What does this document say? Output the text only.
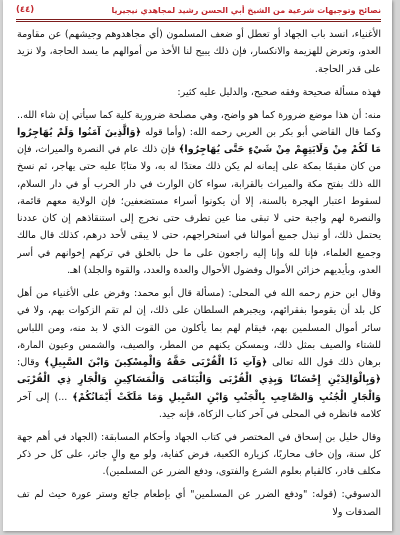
نصائح وتوجيهات شرعية من الشيخ أبي الحسن رشيد لمجاهدي نيجيريا
(٤٤)

الأغنياء، انسد باب الجهاد أو تعطل أو ضعف المسلمون (أي مجاهدوهم وجيشهم) عن مقاومة العدو، وتعرض للهزيمة والانكسار، فإن ذلك يبيح لنا الأخذ من أموالهم ما يسد الحاجة، ولا نزيد على قدر الحاجة.

فهذه مسألة صحيحة وفقه صحيح، والدليل عليه كثير:

منه: أن هذا موضع ضرورة كما هو واضح، وهي مصلحة ضرورية كلية كما سيأتي إن شاء الله.. وكما قال القاضي أبو بكر بن العربي رحمه الله: (وأما قوله ﴿وَالَّذِينَ آمَنُوا وَلَمْ يُهَاجِرُوا مَا لَكُمْ مِنْ وَلَايَتِهِمْ مِنْ شَيْءٍ حَتَّى يُهَاجِرُوا﴾ فإن ذلك عام في النصرة والميراث، فإن من كان مقيمًا بمكة على إيمانه لم يكن ذلك معتدًا له به، ولا متابًا عليه حتى يهاجر، ثم نسخ الله ذلك بفتح مكة والميراث بالقرابة، سواء كان الوارث في دار الحرب أو في دار السلام، لسقوط اعتبار الهجرة بالسنة، إلا أن يكونوا أسراء مستضعفين؛ فإن الولاية معهم قائمة، والنصرة لهم واجبة حتى لا تبقى منا عين تطرف حتى نخرج إلى استنقاذهم إن كان عددنا يحتمل ذلك، أو نبذل جميع أموالنا في استخراجهم، حتى لا يبقى لأحد درهم، كذلك قال مالك وجميع العلماء، فإنا لله وإنا إليه راجعون على ما حل بالخلق في تركهم إخوانهم في أسر العدو، وبأيديهم خزائن الأموال وفضول الأحوال والعدة والعدد، والقوة والجلد) اهـ.

وقال ابن حزم رحمه الله في المحلى: (مسألة قال أبو محمد: وفرض على الأغنياء من أهل كل بلد أن يقوموا بفقرائهم، ويجبرهم السلطان على ذلك، إن لم تقم الزكوات بهم، ولا في سائر أموال المسلمين بهم، فيقام لهم بما يأكلون من القوت الذي لا بد منه، ومن اللباس للشتاء والصيف بمثل ذلك، وبمسكن يكنهم من المطر، والصيف، والشمس وعيون المارة، برهان ذلك قول الله تعالى ﴿وَآتِ ذَا الْقُرْبَى حَقَّهُ وَالْمِسْكِينَ وَابْنَ السَّبِيلِ﴾ وقال: ﴿وَبِالْوَالِدَيْنِ إِحْسَانًا وَبِذِي الْقُرْبَى وَالْيَتَامَى وَالْمَسَاكِينِ وَالْجَارِ ذِي الْقُرْبَى وَالْجَارِ الْجُنُبِ وَالصَّاحِبِ بِالْجَنْبِ وَابْنِ السَّبِيلِ وَمَا مَلَكَتْ أَيْمَانُكُمْ﴾ ...) إلى آخر كلامه فانظره في المحلى في آخر كتاب الزكاة، فإنه جيد.

وقال خليل بن إسحاق في المختصر في كتاب الجهاد وأحكام المسابقة: (الجهاد في أهم جهة كل سنة، وإن خاف محاربًا، كزيارة الكعبة، فرض كفاية، ولو مع والٍ جائر، على كل حر ذكر مكلف قادر، كالقيام بعلوم الشرع والفتوى، ودفع الضرر عن المسلمين).

الدسوقي: (قوله: "ودفع الضرر عن المسلمين" أي بإطعام جائع وستر عورة حيث لم تف الصدقات ولا
